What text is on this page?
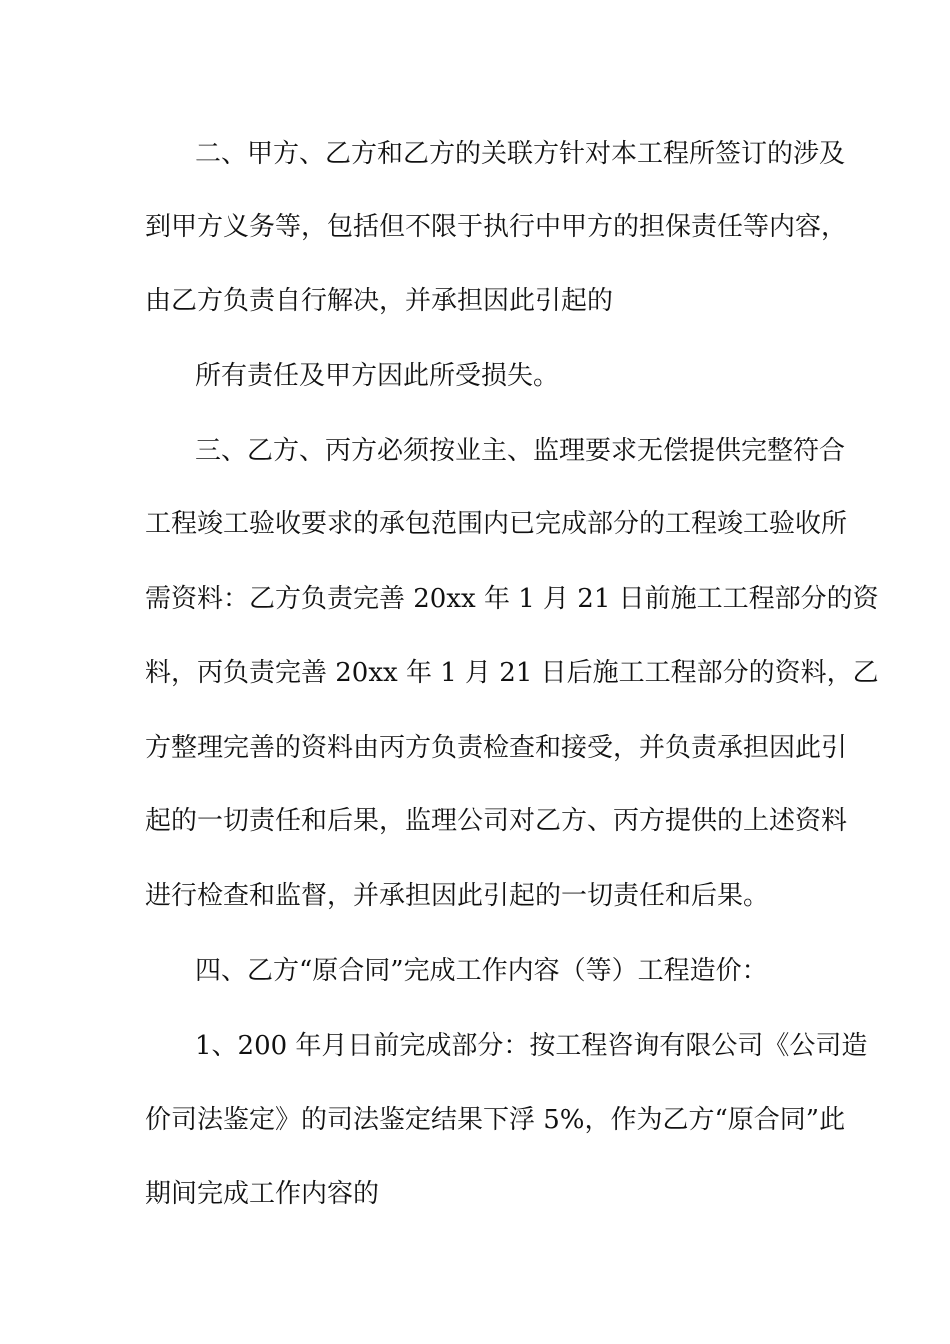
二、甲方、乙方和乙方的关联方针对本工程所签订的涉及

到甲方义务等，包括但不限于执行中甲方的担保责任等内容，

由乙方负责自行解决，并承担因此引起的

所有责任及甲方因此所受损失。

三、乙方、丙方必须按业主、监理要求无偿提供完整符合

工程竣工验收要求的承包范围内已完成部分的工程竣工验收所

需资料：乙方负责完善 20xx 年 1 月 21 日前施工工程部分的资

料，丙负责完善 20xx 年 1 月 21 日后施工工程部分的资料，乙

方整理完善的资料由丙方负责检查和接受，并负责承担因此引

起的一切责任和后果，监理公司对乙方、丙方提供的上述资料

进行检查和监督，并承担因此引起的一切责任和后果。

四、乙方“原合同”完成工作内容（等）工程造价：

1、200 年月日前完成部分：按工程咨询有限公司《公司造

价司法鉴定》的司法鉴定结果下浮 5%，作为乙方“原合同”此

期间完成工作内容的
